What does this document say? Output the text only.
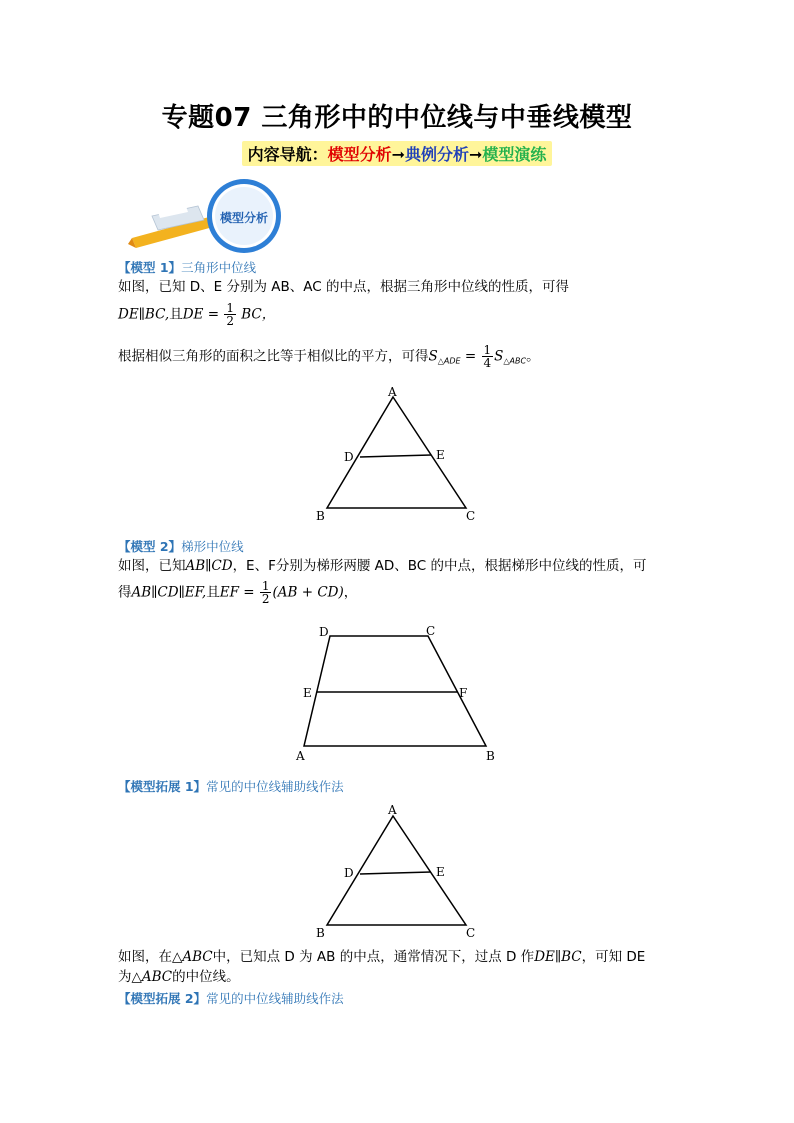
专题07 三角形中的中位线与中垂线模型
内容导航：模型分析➞典例分析➞模型演练
模型分析
【模型 1】三角形中位线
如图，已知 D、E 分别为 AB、AC 的中点，根据三角形中位线的性质，可得
DE∥BC,且DE = $\frac{1}{2}$ BC，
根据相似三角形的面积之比等于相似比的平方，可得$S_{\triangle ADE} = \frac{1}{4} S_{\triangle ABC}$。
A
B	C
D	E
【模型 2】梯形中位线
如图，已知AB∥CD，E、F分别为梯形两腰 AD、BC 的中点，根据梯形中位线的性质，可
得AB∥CD∥EF,且EF = $\frac{1}{2} (AB + CD)$，
D	C
E	F
A	B
【模型拓展 1】常见的中位线辅助线作法
A
B	C
D	E
如图，在△ABC中，已知点 D 为 AB 的中点，通常情况下，过点 D 作DE∥BC，可知 DE
为△ABC的中位线。
【模型拓展 2】常见的中位线辅助线作法
